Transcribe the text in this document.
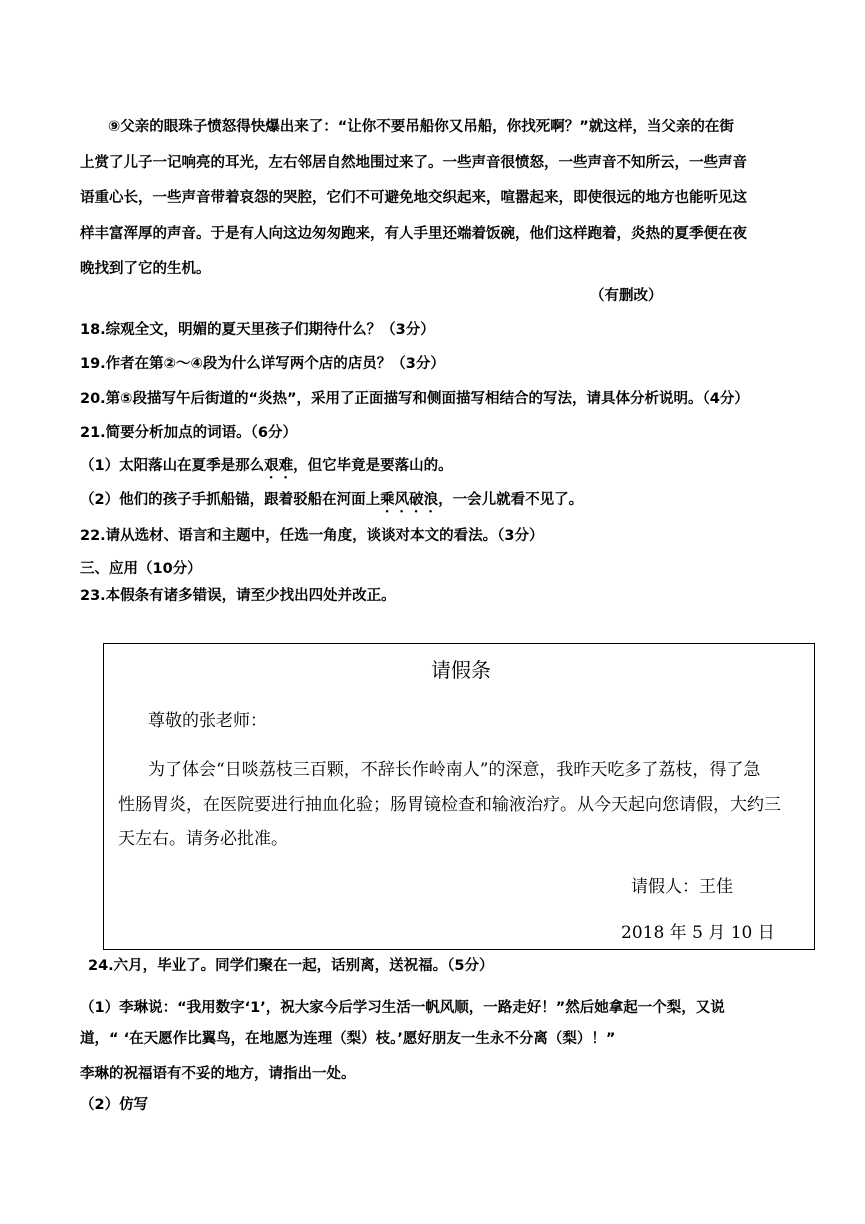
⑨父亲的眼珠子愤怒得快爆出来了：“让你不要吊船你又吊船，你找死啊？”就这样，当父亲的在街
上赏了儿子一记响亮的耳光，左右邻居自然地围过来了。一些声音很愤怒，一些声音不知所云，一些声音
语重心长，一些声音带着哀怨的哭腔，它们不可避免地交织起来，喧嚣起来，即使很远的地方也能听见这
样丰富浑厚的声音。于是有人向这边匆匆跑来，有人手里还端着饭碗，他们这样跑着，炎热的夏季便在夜
晚找到了它的生机。
（有删改）
18.综观全文，明媚的夏天里孩子们期待什么？（3分）
19.作者在第②～④段为什么详写两个店的店员？（3分）
20.第⑤段描写午后街道的“炎热”，采用了正面描写和侧面描写相结合的写法，请具体分析说明。（4分）
21.简要分析加点的词语。（6分）
（1）太阳落山在夏季是那么艰难，但它毕竟是要落山的。
（2）他们的孩子手抓船锚，跟着驳船在河面上乘风破浪，一会儿就看不见了。
22.请从选材、语言和主题中，任选一角度，谈谈对本文的看法。（3分）
三、应用（10分）
23.本假条有诸多错误，请至少找出四处并改正。
请假条
尊敬的张老师：
为了体会“日啖荔枝三百颗，不辞长作岭南人”的深意，我昨天吃多了荔枝，得了急
性肠胃炎，在医院要进行抽血化验；肠胃镜检查和输液治疗。从今天起向您请假，大约三
天左右。请务必批准。
请假人：王佳
2018 年 5 月 10 日
24.六月，毕业了。同学们聚在一起，话别离，送祝福。（5分）
（1）李琳说：“我用数字‘1’，祝大家今后学习生活一帆风顺，一路走好！”然后她拿起一个梨，又说
道，“ ‘在天愿作比翼鸟，在地愿为连理（梨）枝。’愿好朋友一生永不分离（梨）！”
李琳的祝福语有不妥的地方，请指出一处。
（2）仿写
